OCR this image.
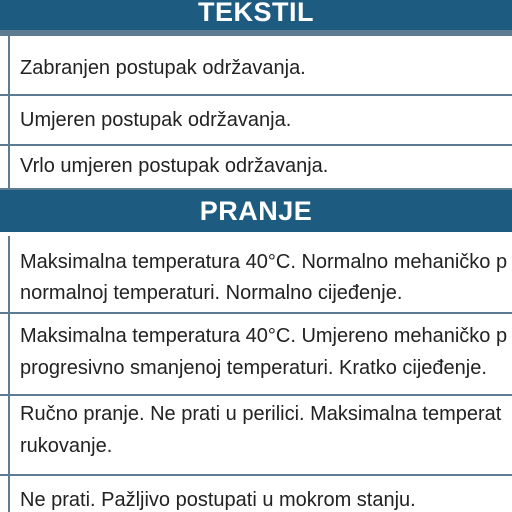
TEKSTIL
Zabranjen postupak održavanja.
Umjeren postupak održavanja.
Vrlo umjeren postupak održavanja.
PRANJE
Maksimalna temperatura 40°C. Normalno mehaničko p
normalnoj temperaturi. Normalno cijeđenje.
Maksimalna temperatura 40°C. Umjereno mehaničko p
progresivno smanjenoj temperaturi. Kratko cijeđenje.
Ručno pranje. Ne prati u perilici. Maksimalna temperat
rukovanje.
Ne prati. Pažljivo postupati u mokrom stanju.
